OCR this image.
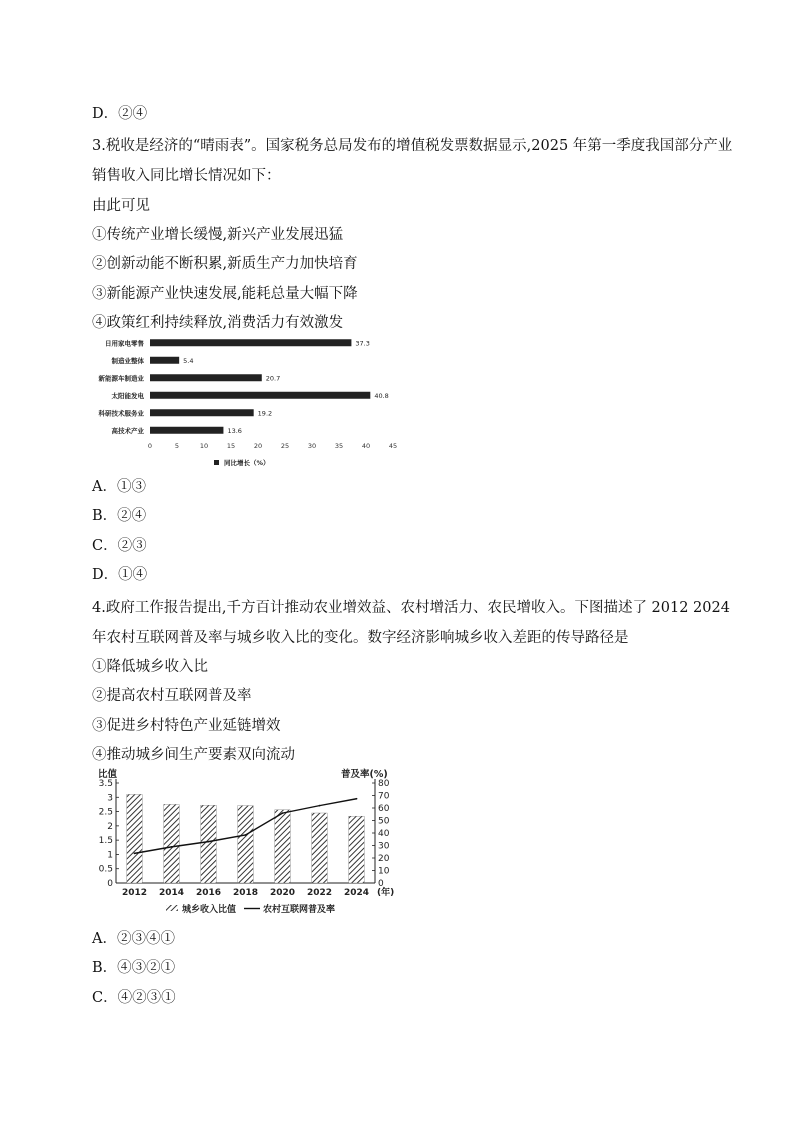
D．②④
3.税收是经济的“晴雨表”。国家税务总局发布的增值税发票数据显示,2025 年第一季度我国部分产业
销售收入同比增长情况如下：
由此可见
①传统产业增长缓慢,新兴产业发展迅猛
②创新动能不断积累,新质生产力加快培育
③新能源产业快速发展,能耗总量大幅下降
④政策红利持续释放,消费活力有效激发
日用家电零售	37.3
制造业整体	5.4
新能源车制造业	20.7
太阳能发电	40.8
科研技术服务业	19.2
高技术产业	13.6
0	5	10	15	20	25	30	35	40	45
同比增长（%）
A．①③
B．②④
C．②③
D．①④
4.政府工作报告提出,千方百计推动农业增效益、农村增活力、农民增收入。下图描述了 2012 2024
年农村互联网普及率与城乡收入比的变化。数字经济影响城乡收入差距的传导路径是
①降低城乡收入比
②提高农村互联网普及率
③促进乡村特色产业延链增效
④推动城乡间生产要素双向流动
3.5
3
2.5
2
1.5
1
0.5
0
80
70
60
50
40
30
20
10
0
比值	普及率(%)
2012 2014 2016 2018 2020 2022 2024 (年)
城乡收入比值	农村互联网普及率
A．②③④①
B．④③②①
C．④②③①
